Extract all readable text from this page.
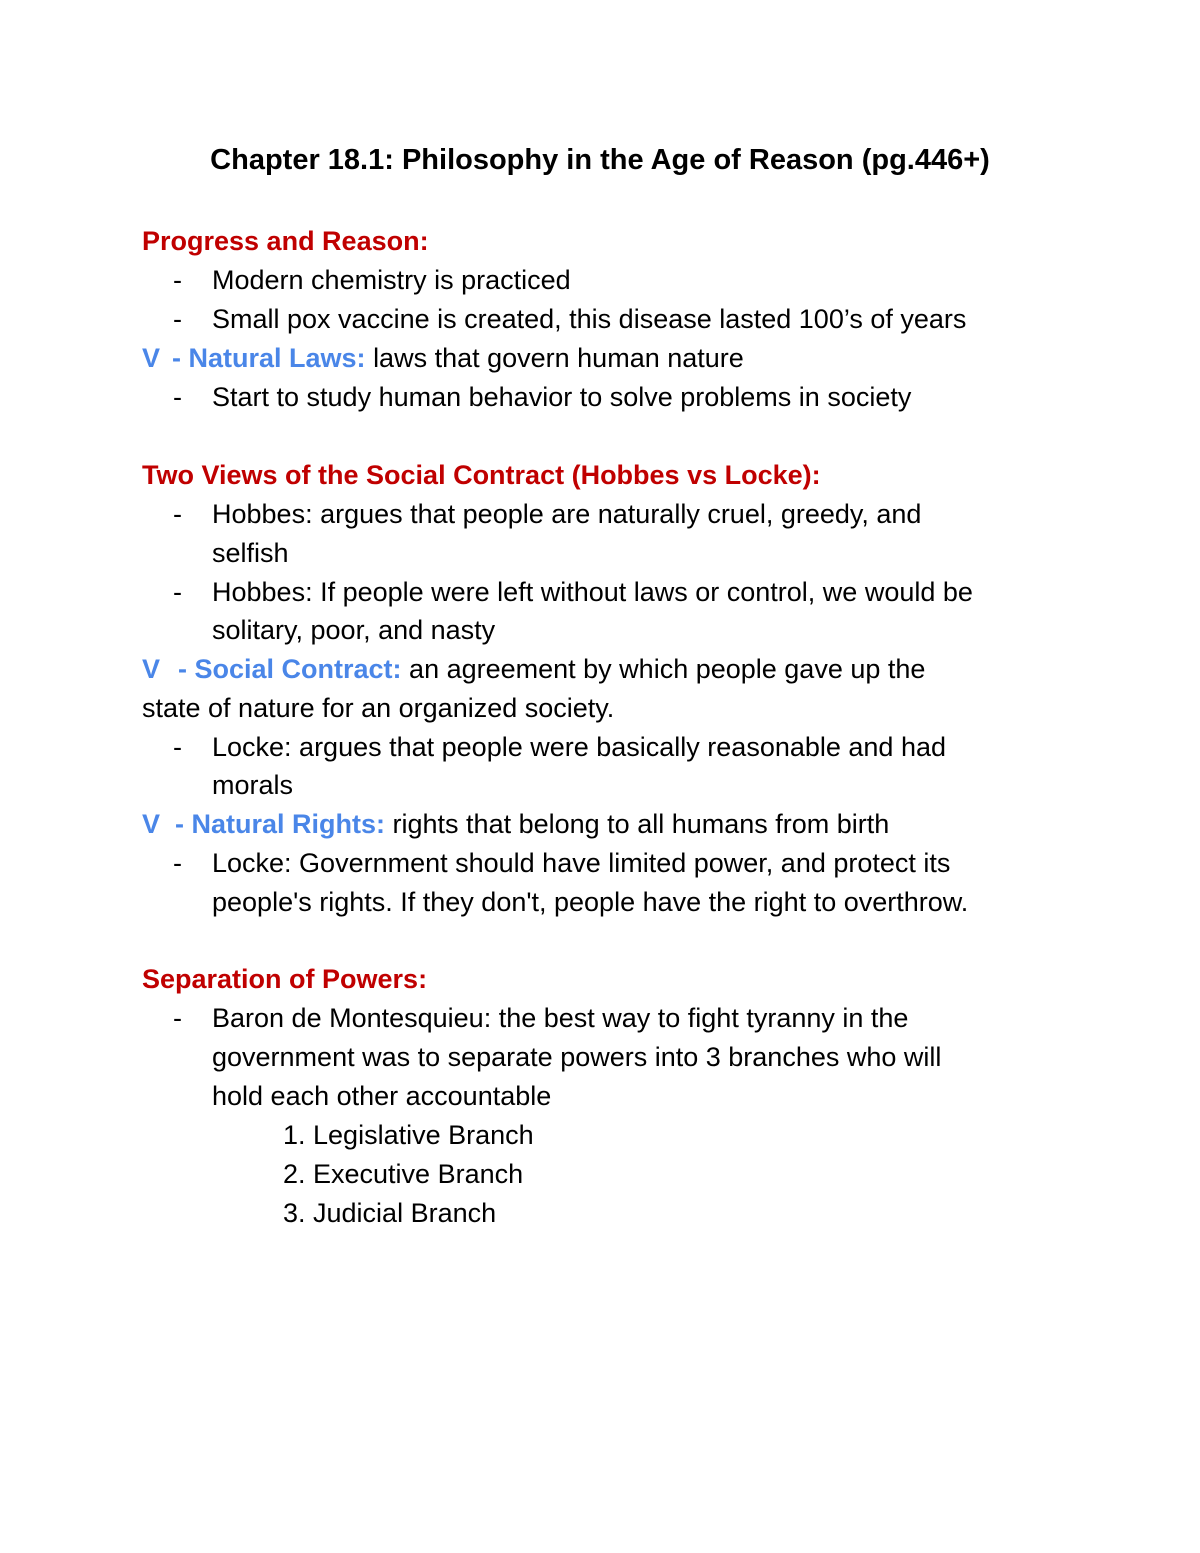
Chapter 18.1: Philosophy in the Age of Reason (pg.446+)
Progress and Reason:
- Modern chemistry is practiced
- Small pox vaccine is created, this disease lasted 100’s of years
V - Natural Laws: laws that govern human nature
- Start to study human behavior to solve problems in society
Two Views of the Social Contract (Hobbes vs Locke):
- Hobbes: argues that people are naturally cruel, greedy, and
selfish
- Hobbes: If people were left without laws or control, we would be
solitary, poor, and nasty
V - Social Contract: an agreement by which people gave up the
state of nature for an organized society.
- Locke: argues that people were basically reasonable and had
morals
V - Natural Rights: rights that belong to all humans from birth
- Locke: Government should have limited power, and protect its
people's rights. If they don't, people have the right to overthrow.
Separation of Powers:
- Baron de Montesquieu: the best way to fight tyranny in the
government was to separate powers into 3 branches who will
hold each other accountable
1. Legislative Branch
2. Executive Branch
3. Judicial Branch
